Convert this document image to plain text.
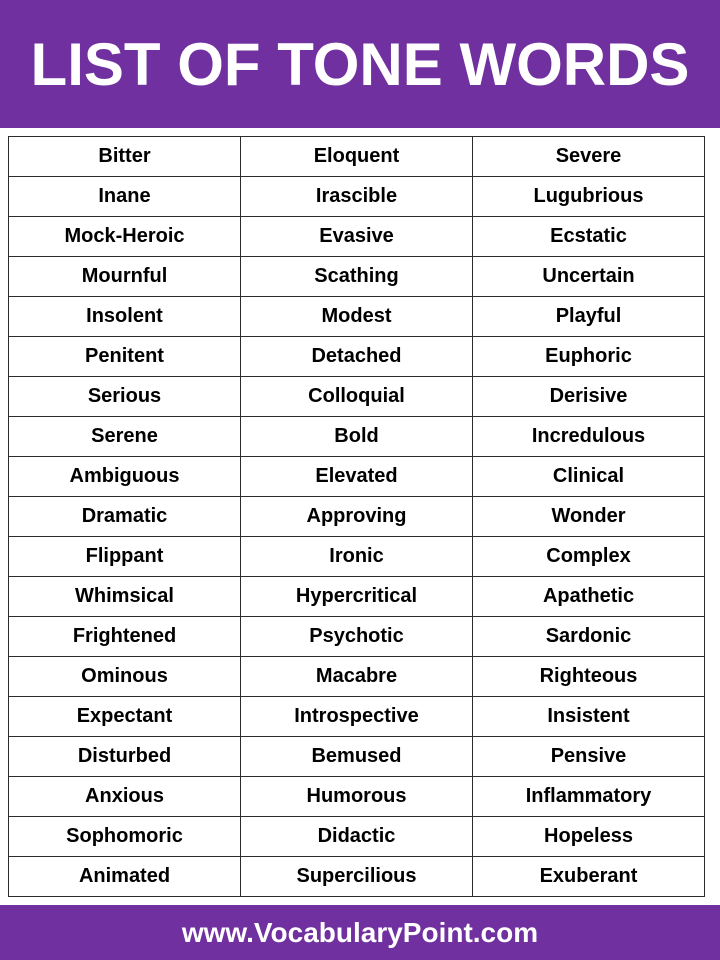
LIST OF TONE WORDS
Bitter	Eloquent	Severe
Inane	Irascible	Lugubrious
Mock-Heroic	Evasive	Ecstatic
Mournful	Scathing	Uncertain
Insolent	Modest	Playful
Penitent	Detached	Euphoric
Serious	Colloquial	Derisive
Serene	Bold	Incredulous
Ambiguous	Elevated	Clinical
Dramatic	Approving	Wonder
Flippant	Ironic	Complex
Whimsical	Hypercritical	Apathetic
Frightened	Psychotic	Sardonic
Ominous	Macabre	Righteous
Expectant	Introspective	Insistent
Disturbed	Bemused	Pensive
Anxious	Humorous	Inflammatory
Sophomoric	Didactic	Hopeless
Animated	Supercilious	Exuberant
www.VocabularyPoint.com
